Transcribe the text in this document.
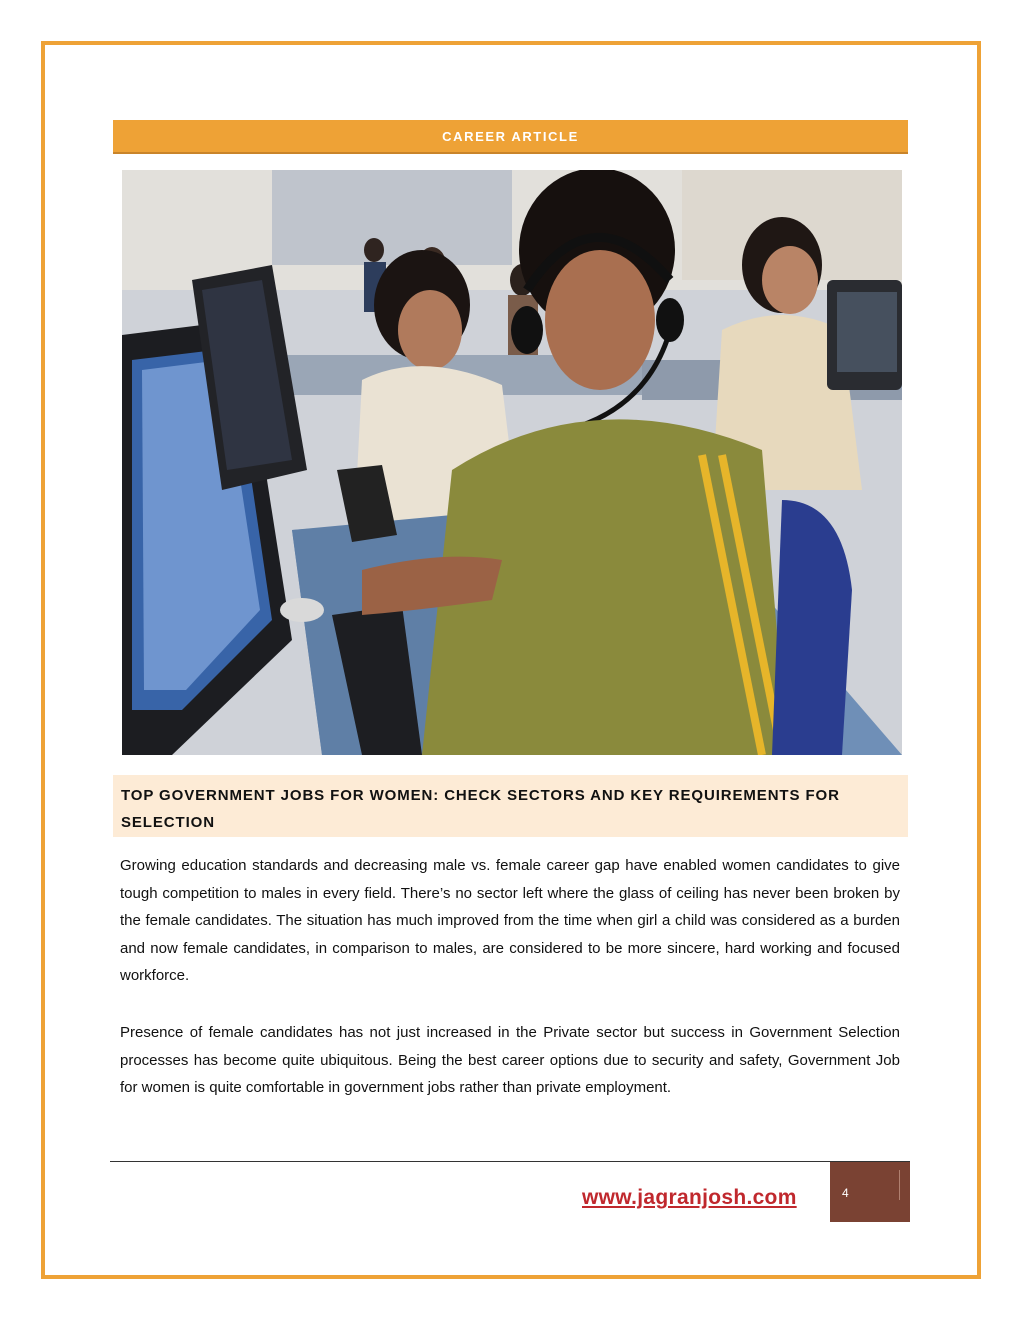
CAREER ARTICLE

TOP GOVERNMENT JOBS FOR WOMEN: CHECK SECTORS AND KEY REQUIREMENTS FOR SELECTION

Growing education standards and decreasing male vs. female career gap have enabled women candidates to give tough competition to males in every field. There’s no sector left where the glass of ceiling has never been broken by the female candidates. The situation has much improved from the time when girl a child was considered as a burden and now female candidates, in comparison to males, are considered to be more sincere, hard working and focused workforce.

Presence of female candidates has not just increased in the Private sector but success in Government Selection processes has become quite ubiquitous. Being the best career options due to security and safety, Government Job for women is quite comfortable in government jobs rather than private employment.

www.jagranjosh.com	4
